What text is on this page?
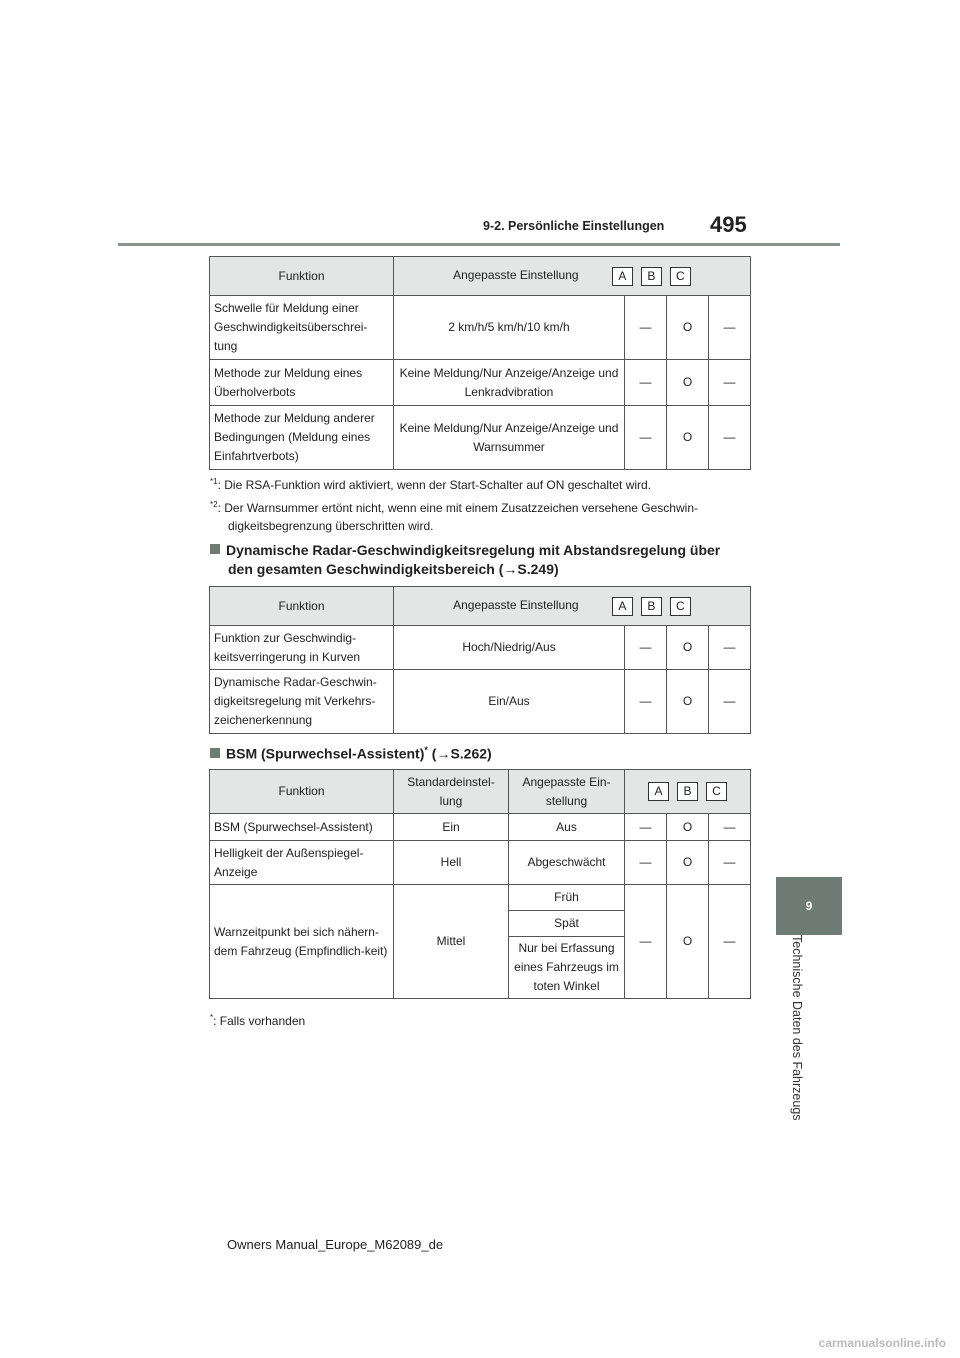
9-2. Persönliche Einstellungen 495
9
Technische Daten des Fahrzeugs
Funktion	Angepasste Einstellung A B C			

Schwelle für Meldung einer Geschwindigkeitsüberschrei-tung	2 km/h/5 km/h/10 km/h	—	O	—
Methode zur Meldung eines Überholverbots	Keine Meldung/Nur Anzeige/Anzeige und Lenkradvibration	—	O	—
Methode zur Meldung anderer Bedingungen (Meldung eines Einfahrtverbots)	Keine Meldung/Nur Anzeige/Anzeige und Warnsummer	—	O	—
$^{*1}$: Die RSA-Funktion wird aktiviert, wenn der Start-Schalter auf ON geschaltet wird.
$^{*2}$: Der Warnsummer ertönt nicht, wenn eine mit einem Zusatzzeichen versehene Geschwin-
digkeitsbegrenzung überschritten wird.
Dynamische Radar-Geschwindigkeitsregelung mit Abstandsregelung über
den gesamten Geschwindigkeitsbereich (→S.249)
Funktion	Angepasste Einstellung A B C			

Funktion zur Geschwindig-keitsverringerung in Kurven	Hoch/Niedrig/Aus	—	O	—
Dynamische Radar-Geschwin-digkeitsregelung mit Verkehrs-zeichenerkennung	Ein/Aus	—	O	—
BSM (Spurwechsel-Assistent)* (→S.262)
Funktion	Standardeinstel-lung	Angepasste Ein-stellung	A B C		

BSM (Spurwechsel-Assistent)	Ein	Aus	—	O	—
Helligkeit der Außenspiegel-Anzeige	Hell	Abgeschwächt	—	O	—
Warnzeitpunkt bei sich nähern-dem Fahrzeug (Empfindlich-keit)	Mittel	Früh	—	O	—
		Spät			
		Nur bei Erfassung eines Fahrzeugs im toten Winkel			
*: Falls vorhanden
Owners Manual_Europe_M62089_de
carmanualsonline.info
